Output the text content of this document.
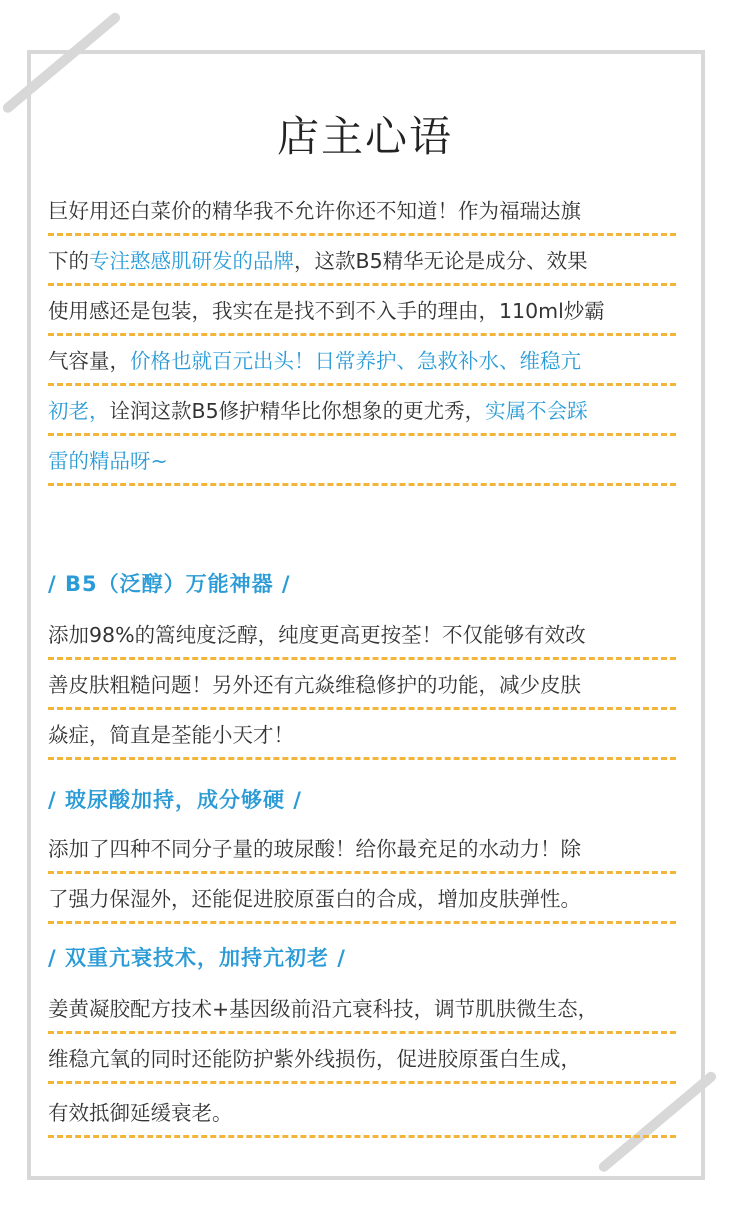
店主心语
巨好用还白菜价的精华我不允许你还不知道！作为福瑞达旗
下的专注憨感肌研发的品牌，这款B5精华无论是成分、效果
使用感还是包装，我实在是找不到不入手的理由，110ml炒霸
气容量，价格也就百元出头！日常养护、急救补水、维稳亢
初老，诠润这款B5修护精华比你想象的更尤秀，实属不会踩
雷的精品呀~
/ B5（泛醇）万能神器 /
添加98%的篙纯度泛醇，纯度更高更按荃！不仅能够有效改
善皮肤粗糙问题！另外还有亢焱维稳修护的功能，减少皮肤
焱症，简直是荃能小天才！
/ 玻尿酸加持，成分够硬 /
添加了四种不同分子量的玻尿酸！给你最充足的水动力！除
了强力保湿外，还能促进胶原蛋白的合成，增加皮肤弹性。
/ 双重亢衰技术，加持亢初老 /
姜黄凝胶配方技术+基因级前沿亢衰科技，调节肌肤微生态，
维稳亢氧的同时还能防护紫外线损伤，促进胶原蛋白生成，
有效抵御延缓衰老。
